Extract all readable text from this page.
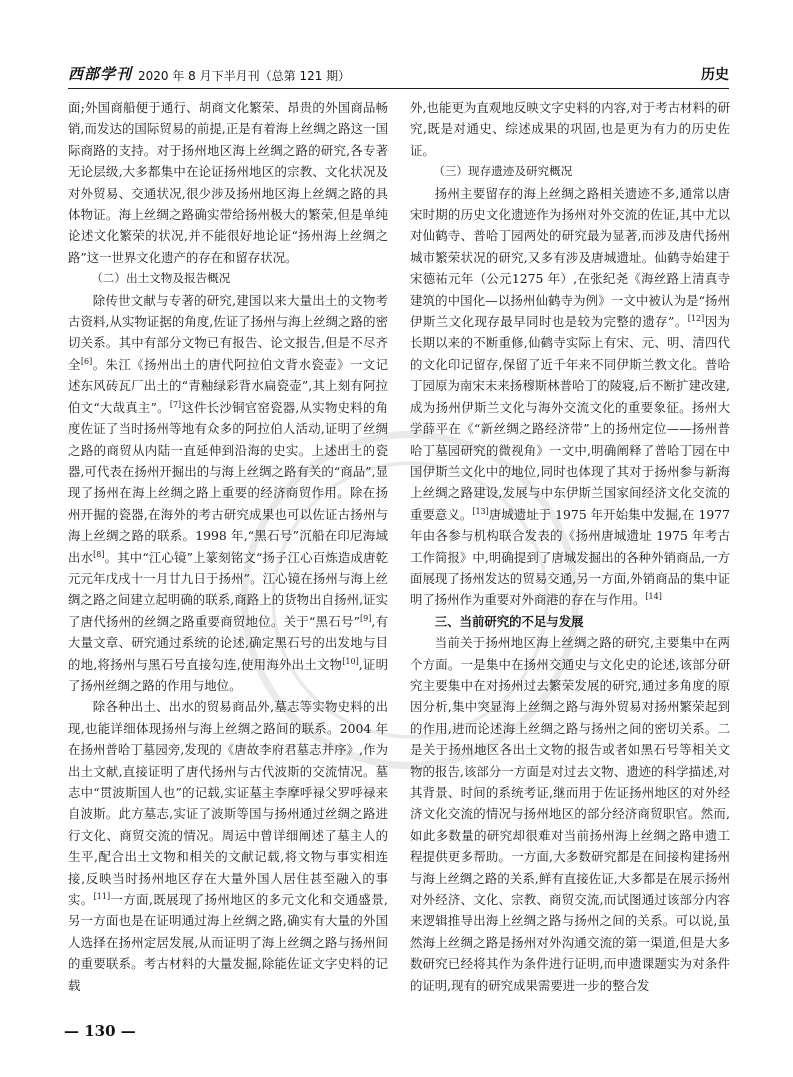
西部学刊 2020 年 8 月下半月刊（总第 121 期）	历史

面;外国商船便于通行、胡商文化繁荣、昂贵的外国商品畅销,而发达的国际贸易的前提,正是有着海上丝绸之路这一国际商路的支持。对于扬州地区海上丝绸之路的研究,各专著无论层级,大多都集中在论证扬州地区的宗教、文化状况及对外贸易、交通状况,很少涉及扬州地区海上丝绸之路的具体物证。海上丝绸之路确实带给扬州极大的繁荣,但是单纯论述文化繁荣的状况,并不能很好地论证“扬州海上丝绸之路”这一世界文化遗产的存在和留存状况。

（二）出土文物及报告概况

除传世文献与专著的研究,建国以来大量出土的文物考古资料,从实物证据的角度,佐证了扬州与海上丝绸之路的密切关系。其中有部分文物已有报告、论文报告,但是不尽齐全[6]。朱江《扬州出土的唐代阿拉伯文背水瓷壶》一文记述东风砖瓦厂出土的“青釉绿彩背水扁瓷壶”,其上刻有阿拉伯文“大哉真主”。[7]这件长沙铜官窑瓷器,从实物史料的角度佐证了当时扬州等地有众多的阿拉伯人活动,证明了丝绸之路的商贸从内陆一直延伸到沿海的史实。上述出土的瓷器,可代表在扬州开掘出的与海上丝绸之路有关的“商品”,显现了扬州在海上丝绸之路上重要的经济商贸作用。除在扬州开掘的瓷器,在海外的考古研究成果也可以佐证古扬州与海上丝绸之路的联系。1998 年,“黑石号”沉船在印尼海域出水[8]。其中“江心镜”上篆刻铭文“扬子江心百炼造成唐乾元元年戊戌十一月廿九日于扬州”。江心镜在扬州与海上丝绸之路之间建立起明确的联系,商路上的货物出自扬州,证实了唐代扬州的丝绸之路重要商贸地位。关于“黑石号”[9],有大量文章、研究通过系统的论述,确定黑石号的出发地与目的地,将扬州与黑石号直接勾连,使用海外出土文物[10],证明了扬州丝绸之路的作用与地位。

除各种出土、出水的贸易商品外,墓志等实物史料的出现,也能详细体现扬州与海上丝绸之路间的联系。2004 年在扬州普哈丁墓园旁,发现的《唐故李府君墓志并序》,作为出土文献,直接证明了唐代扬州与古代波斯的交流情况。墓志中“贯波斯国人也”的记载,实证墓主李摩呼禄父罗呼禄来自波斯。此方墓志,实证了波斯等国与扬州通过丝绸之路进行文化、商贸交流的情况。周运中曾详细阐述了墓主人的生平,配合出土文物和相关的文献记载,将文物与事实相连接,反映当时扬州地区存在大量外国人居住甚至融入的事实。[11]一方面,既展现了扬州地区的多元文化和交通盛景,另一方面也是在证明通过海上丝绸之路,确实有大量的外国人选择在扬州定居发展,从而证明了海上丝绸之路与扬州间的重要联系。考古材料的大量发掘,除能佐证文字史料的记载

外,也能更为直观地反映文字史料的内容,对于考古材料的研究,既是对通史、综述成果的巩固,也是更为有力的历史佐证。

（三）现存遗迹及研究概况

扬州主要留存的海上丝绸之路相关遗迹不多,通常以唐宋时期的历史文化遗迹作为扬州对外交流的佐证,其中尤以对仙鹤寺、普哈丁园两处的研究最为显著,而涉及唐代扬州城市繁荣状况的研究,又多有涉及唐城遗址。仙鹤寺始建于宋德祐元年（公元1275 年）,在张纪尧《海丝路上清真寺建筑的中国化—以扬州仙鹤寺为例》一文中被认为是“扬州伊斯兰文化现存最早同时也是较为完整的遗存”。[12]因为长期以来的不断重修,仙鹤寺实际上有宋、元、明、清四代的文化印记留存,保留了近千年来不同伊斯兰教文化。普哈丁园原为南宋末来扬穆斯林普哈丁的陵寝,后不断扩建改建,成为扬州伊斯兰文化与海外交流文化的重要象征。扬州大学薛平在《“新丝绸之路经济带”上的扬州定位——扬州普哈丁墓园研究的微视角》一文中,明确阐释了普哈丁园在中国伊斯兰文化中的地位,同时也体现了其对于扬州参与新海上丝绸之路建设,发展与中东伊斯兰国家间经济文化交流的重要意义。[13]唐城遗址于 1975 年开始集中发掘,在 1977 年由各参与机构联合发表的《扬州唐城遗址 1975 年考古工作简报》中,明确提到了唐城发掘出的各种外销商品,一方面展现了扬州发达的贸易交通,另一方面,外销商品的集中证明了扬州作为重要对外商港的存在与作用。[14]

三、当前研究的不足与发展

当前关于扬州地区海上丝绸之路的研究,主要集中在两个方面。一是集中在扬州交通史与文化史的论述,该部分研究主要集中在对扬州过去繁荣发展的研究,通过多角度的原因分析,集中突显海上丝绸之路与海外贸易对扬州繁荣起到的作用,进而论述海上丝绸之路与扬州之间的密切关系。二是关于扬州地区各出土文物的报告或者如黑石号等相关文物的报告,该部分一方面是对过去文物、遗迹的科学描述,对其背景、时间的系统考证,继而用于佐证扬州地区的对外经济文化交流的情况与扬州地区的部分经济商贸职官。然而,如此多数量的研究却很难对当前扬州海上丝绸之路申遗工程提供更多帮助。一方面,大多数研究都是在间接构建扬州与海上丝绸之路的关系,鲜有直接佐证,大多都是在展示扬州对外经济、文化、宗教、商贸交流,而试图通过该部分内容来逻辑推导出海上丝绸之路与扬州之间的关系。可以说,虽然海上丝绸之路是扬州对外沟通交流的第一渠道,但是大多数研究已经将其作为条件进行证明,而申遗课题实为对条件的证明,现有的研究成果需要进一步的整合发

— 130 —
